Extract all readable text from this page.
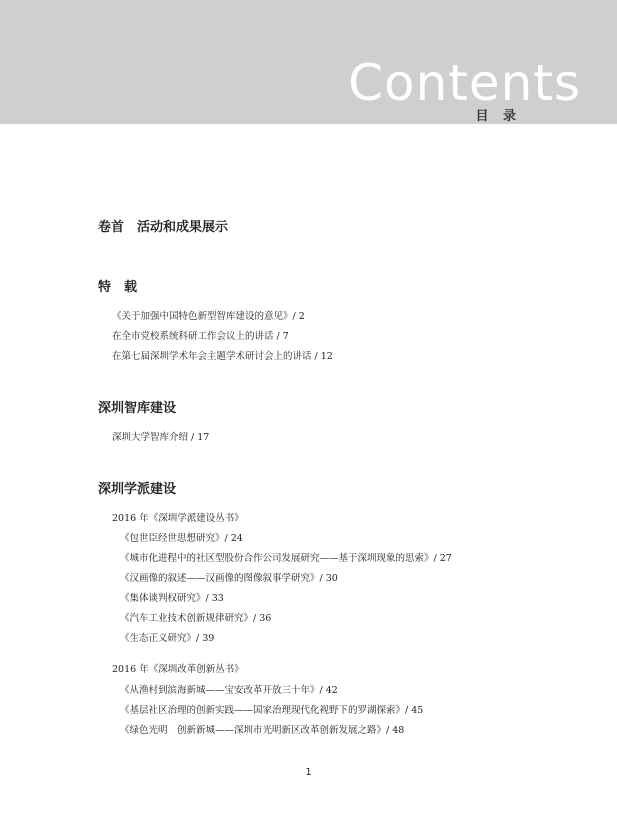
Contents
目 录
卷首　活动和成果展示
特　载
《关于加强中国特色新型智库建设的意见》/ 2
在全市党校系统科研工作会议上的讲话 / 7
在第七届深圳学术年会主题学术研讨会上的讲话 / 12
深圳智库建设
深圳大学智库介绍 / 17
深圳学派建设
2016 年《深圳学派建设丛书》
《包世臣经世思想研究》/ 24
《城市化进程中的社区型股份合作公司发展研究——基于深圳现象的思索》/ 27
《汉画像的叙述——汉画像的图像叙事学研究》/ 30
《集体谈判权研究》/ 33
《汽车工业技术创新规律研究》/ 36
《生态正义研究》/ 39
2016 年《深圳改革创新丛书》
《从渔村到滨海新城——宝安改革开放三十年》/ 42
《基层社区治理的创新实践——国家治理现代化视野下的罗湖探索》/ 45
《绿色光明　创新新城——深圳市光明新区改革创新发展之路》/ 48
1
